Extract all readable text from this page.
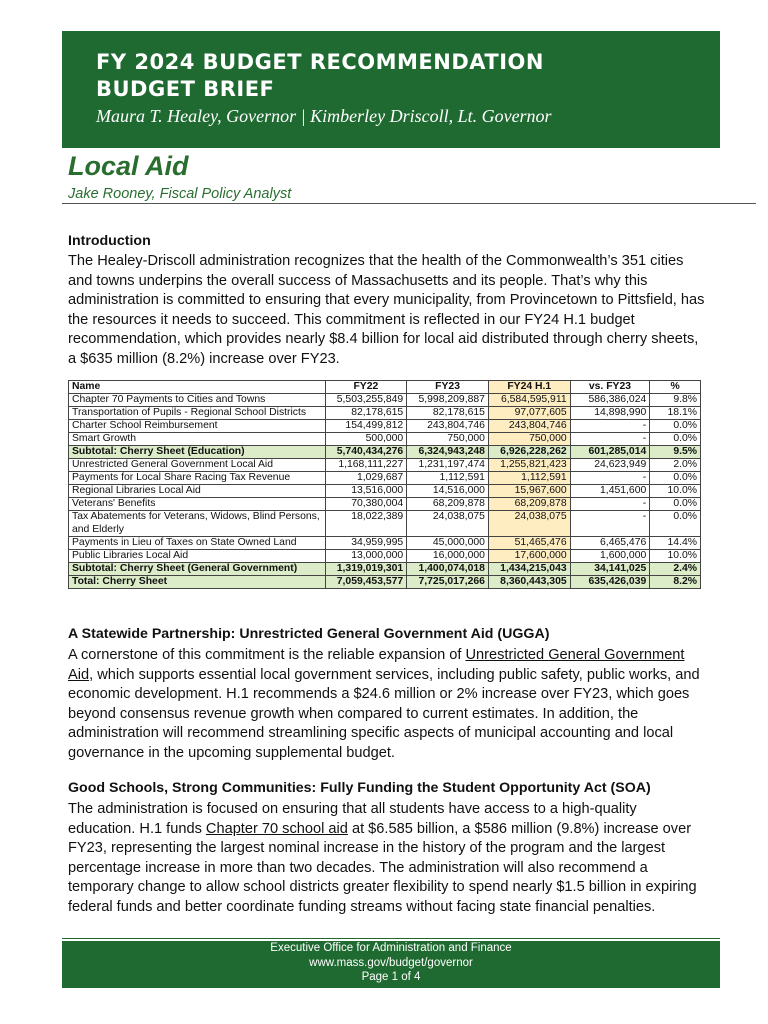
FY 2024 BUDGET RECOMMENDATION
BUDGET BRIEF
Maura T. Healey, Governor | Kimberley Driscoll, Lt. Governor
Local Aid
Jake Rooney, Fiscal Policy Analyst
Introduction

The Healey-Driscoll administration recognizes that the health of the Commonwealth’s 351 cities and towns underpins the overall success of Massachusetts and its people. That’s why this administration is committed to ensuring that every municipality, from Provincetown to Pittsfield, has the resources it needs to succeed. This commitment is reflected in our FY24 H.1 budget recommendation, which provides nearly $8.4 billion for local aid distributed through cherry sheets, a $635 million (8.2%) increase over FY23.

Name	FY22	FY23	FY24 H.1	vs. FY23	%
Chapter 70 Payments to Cities and Towns	5,503,255,849	5,998,209,887	6,584,595,911	586,386,024	9.8%
Transportation of Pupils - Regional School Districts	82,178,615	82,178,615	97,077,605	14,898,990	18.1%
Charter School Reimbursement	154,499,812	243,804,746	243,804,746	-	0.0%
Smart Growth	500,000	750,000	750,000	-	0.0%
Subtotal: Cherry Sheet (Education)	5,740,434,276	6,324,943,248	6,926,228,262	601,285,014	9.5%
Unrestricted General Government Local Aid	1,168,111,227	1,231,197,474	1,255,821,423	24,623,949	2.0%
Payments for Local Share Racing Tax Revenue	1,029,687	1,112,591	1,112,591	-	0.0%
Regional Libraries Local Aid	13,516,000	14,516,000	15,967,600	1,451,600	10.0%
Veterans' Benefits	70,380,004	68,209,878	68,209,878	-	0.0%
Tax Abatements for Veterans, Widows, Blind Persons, and Elderly	18,022,389	24,038,075	24,038,075	-	0.0%
Payments in Lieu of Taxes on State Owned Land	34,959,995	45,000,000	51,465,476	6,465,476	14.4%
Public Libraries Local Aid	13,000,000	16,000,000	17,600,000	1,600,000	10.0%
Subtotal: Cherry Sheet (General Government)	1,319,019,301	1,400,074,018	1,434,215,043	34,141,025	2.4%
Total: Cherry Sheet	7,059,453,577	7,725,017,266	8,360,443,305	635,426,039	8.2%
A Statewide Partnership: Unrestricted General Government Aid (UGGA)

A cornerstone of this commitment is the reliable expansion of Unrestricted General Government Aid, which supports essential local government services, including public safety, public works, and economic development. H.1 recommends a $24.6 million or 2% increase over FY23, which goes beyond consensus revenue growth when compared to current estimates. In addition, the administration will recommend streamlining specific aspects of municipal accounting and local governance in the upcoming supplemental budget.

Good Schools, Strong Communities: Fully Funding the Student Opportunity Act (SOA)

The administration is focused on ensuring that all students have access to a high-quality education. H.1 funds Chapter 70 school aid at $6.585 billion, a $586 million (9.8%) increase over FY23, representing the largest nominal increase in the history of the program and the largest percentage increase in more than two decades. The administration will also recommend a temporary change to allow school districts greater flexibility to spend nearly $1.5 billion in expiring federal funds and better coordinate funding streams without facing state financial penalties.

Executive Office for Administration and Finance
www.mass.gov/budget/governor
Page 1 of 4
